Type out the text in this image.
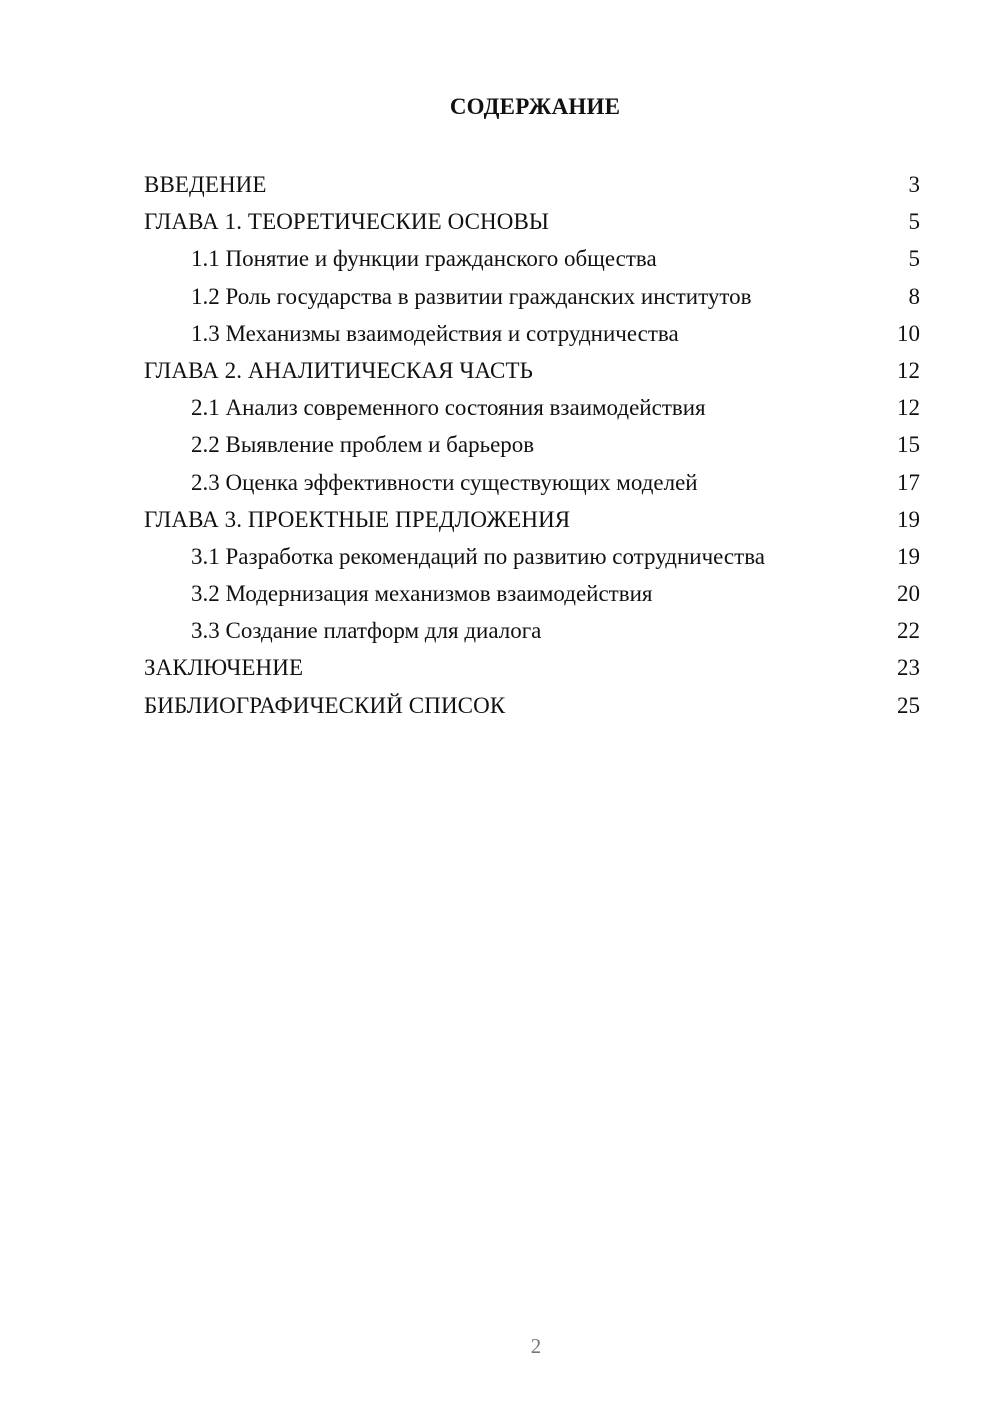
СОДЕРЖАНИЕ
ВВЕДЕНИЕ	3
ГЛАВА 1. ТЕОРЕТИЧЕСКИЕ ОСНОВЫ	5
1.1 Понятие и функции гражданского общества	5
1.2 Роль государства в развитии гражданских институтов	8
1.3 Механизмы взаимодействия и сотрудничества	10
ГЛАВА 2. АНАЛИТИЧЕСКАЯ ЧАСТЬ	12
2.1 Анализ современного состояния взаимодействия	12
2.2 Выявление проблем и барьеров	15
2.3 Оценка эффективности существующих моделей	17
ГЛАВА 3. ПРОЕКТНЫЕ ПРЕДЛОЖЕНИЯ	19
3.1 Разработка рекомендаций по развитию сотрудничества	19
3.2 Модернизация механизмов взаимодействия	20
3.3 Создание платформ для диалога	22
ЗАКЛЮЧЕНИЕ	23
БИБЛИОГРАФИЧЕСКИЙ СПИСОК	25
2
